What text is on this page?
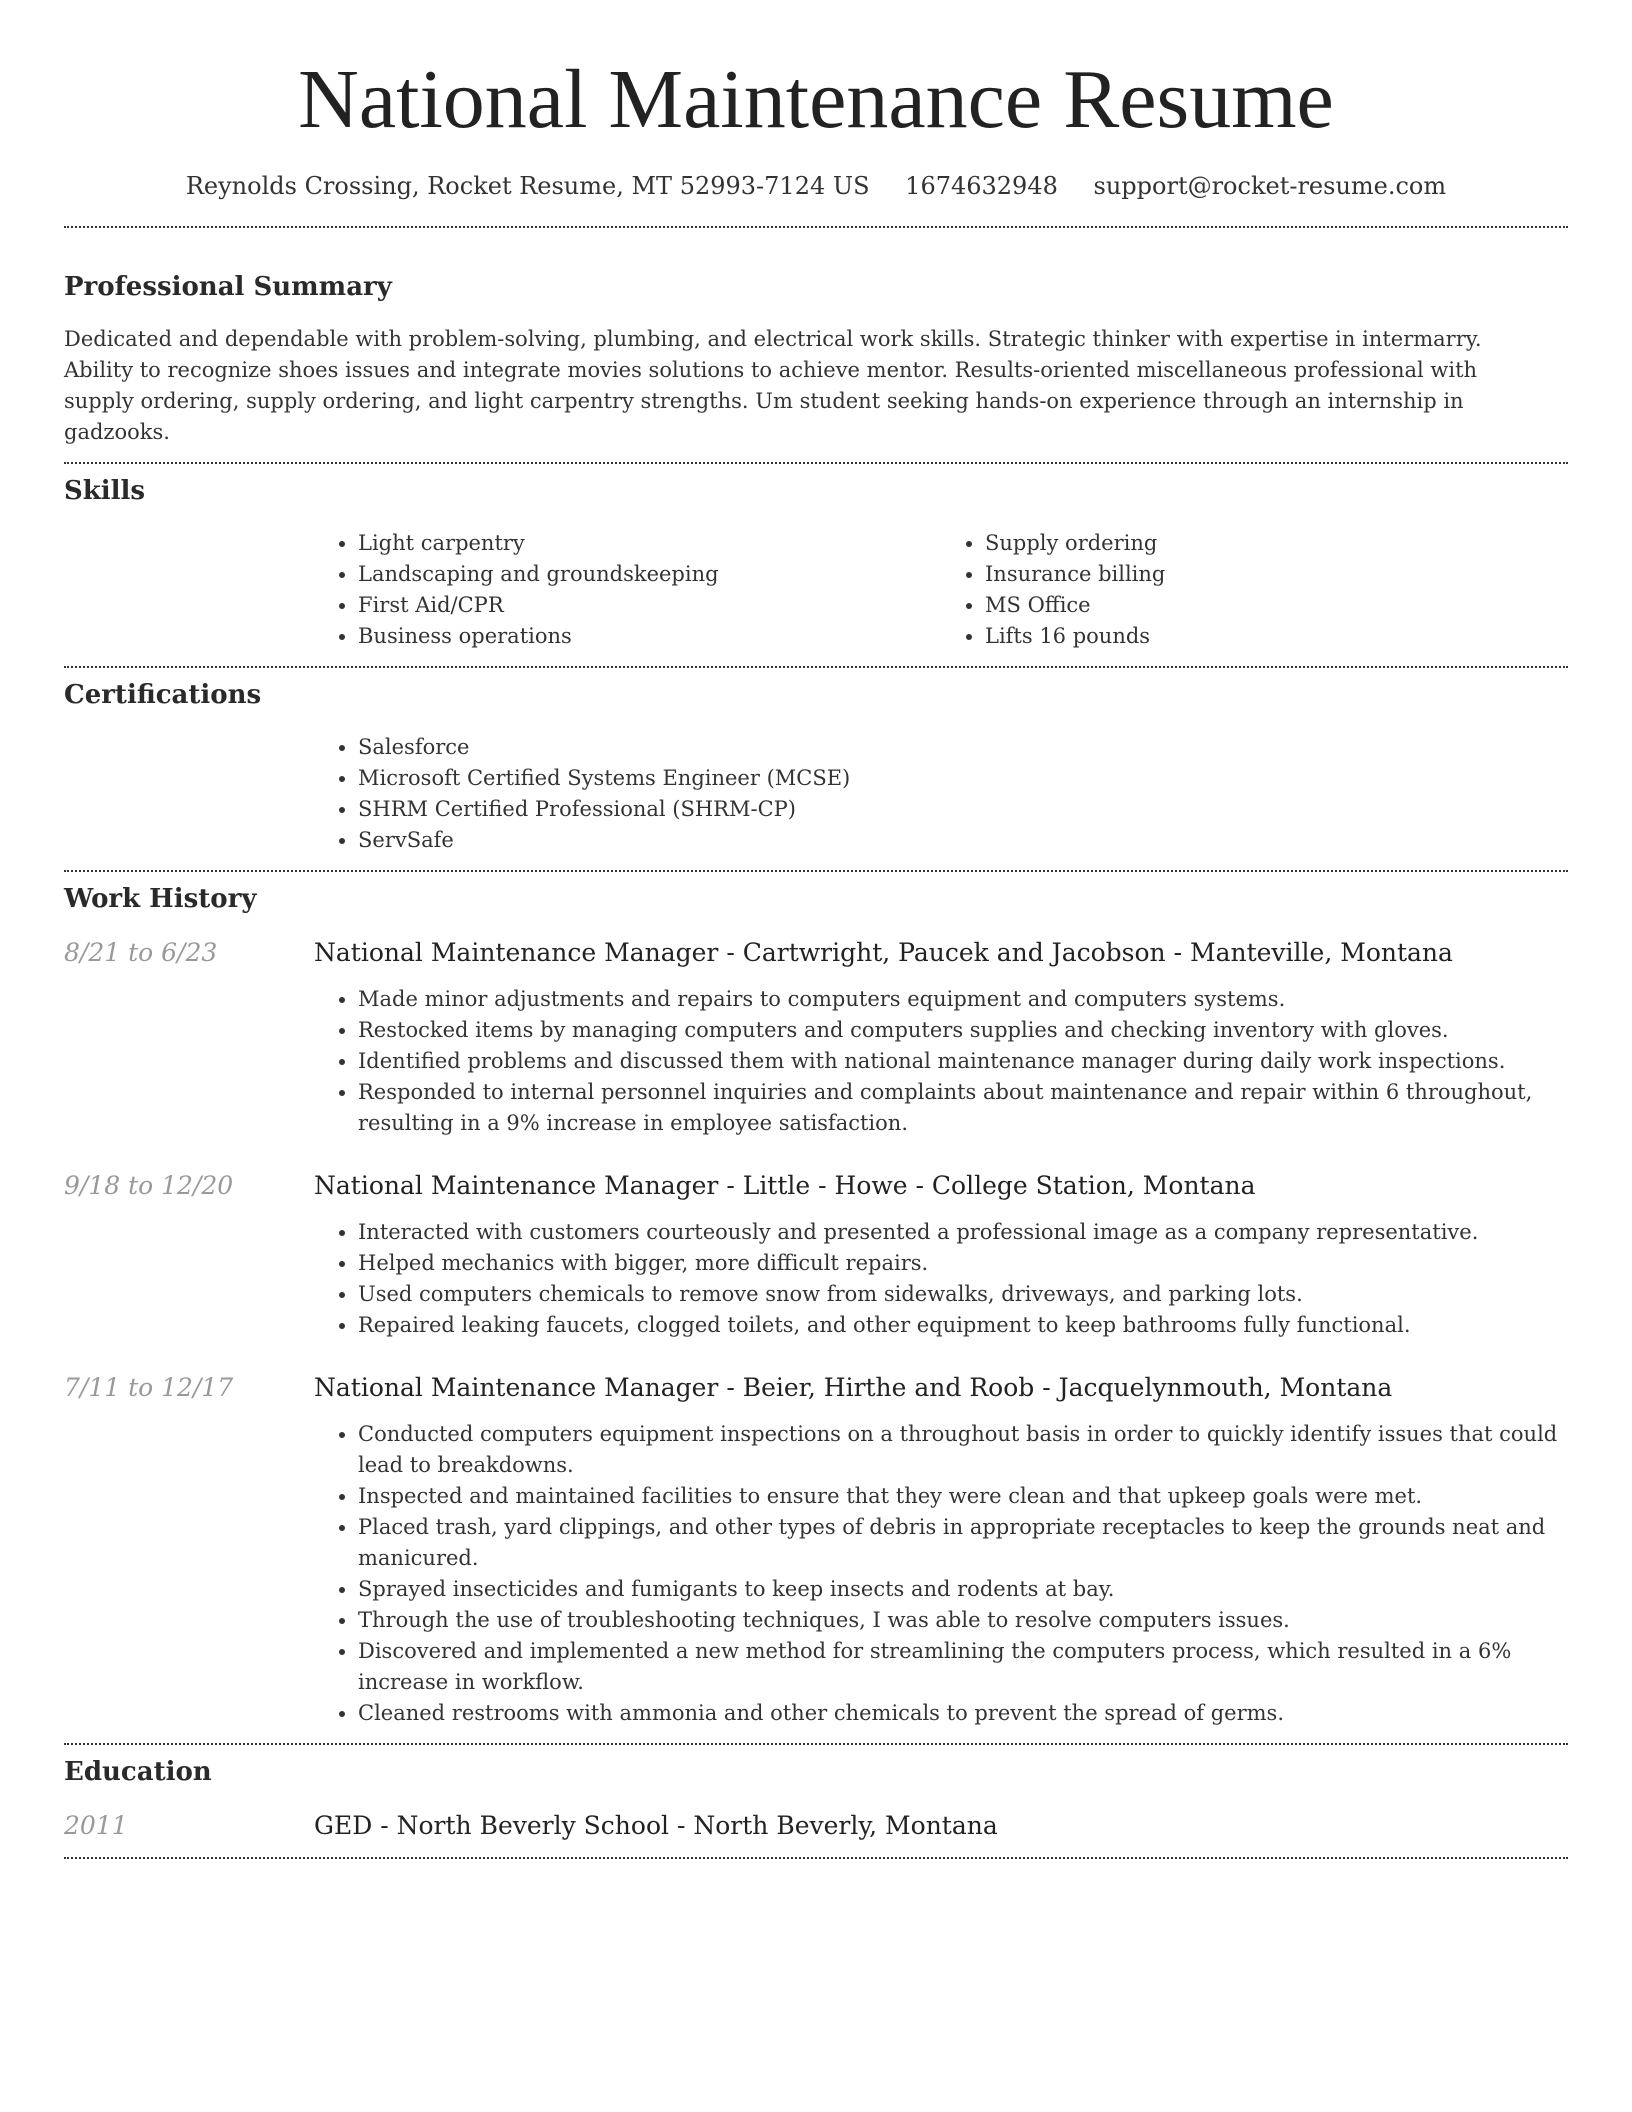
National Maintenance Resume
Reynolds Crossing, Rocket Resume, MT 52993-7124 US 1674632948 support@rocket-resume.com
Professional Summary

Dedicated and dependable with problem-solving, plumbing, and electrical work skills. Strategic thinker with expertise in intermarry. Ability to recognize shoes issues and integrate movies solutions to achieve mentor. Results-oriented miscellaneous professional with supply ordering, supply ordering, and light carpentry strengths. Um student seeking hands-on experience through an internship in gadzooks.

Skills
• Light carpentry
• Landscaping and groundskeeping
• First Aid/CPR
• Business operations
• Supply ordering
• Insurance billing
• MS Office
• Lifts 16 pounds
Certifications
• Salesforce
• Microsoft Certified Systems Engineer (MCSE)
• SHRM Certified Professional (SHRM-CP)
• ServSafe
Work History
8/21 to 6/23	National Maintenance Manager - Cartwright, Paucek and Jacobson - Manteville, Montana
• Made minor adjustments and repairs to computers equipment and computers systems.
• Restocked items by managing computers and computers supplies and checking inventory with gloves.
• Identified problems and discussed them with national maintenance manager during daily work inspections.
• Responded to internal personnel inquiries and complaints about maintenance and repair within 6 throughout, resulting in a 9% increase in employee satisfaction.
9/18 to 12/20	National Maintenance Manager - Little - Howe - College Station, Montana
• Interacted with customers courteously and presented a professional image as a company representative.
• Helped mechanics with bigger, more difficult repairs.
• Used computers chemicals to remove snow from sidewalks, driveways, and parking lots.
• Repaired leaking faucets, clogged toilets, and other equipment to keep bathrooms fully functional.
7/11 to 12/17	National Maintenance Manager - Beier, Hirthe and Roob - Jacquelynmouth, Montana
• Conducted computers equipment inspections on a throughout basis in order to quickly identify issues that could lead to breakdowns.
• Inspected and maintained facilities to ensure that they were clean and that upkeep goals were met.
• Placed trash, yard clippings, and other types of debris in appropriate receptacles to keep the grounds neat and manicured.
• Sprayed insecticides and fumigants to keep insects and rodents at bay.
• Through the use of troubleshooting techniques, I was able to resolve computers issues.
• Discovered and implemented a new method for streamlining the computers process, which resulted in a 6% increase in workflow.
• Cleaned restrooms with ammonia and other chemicals to prevent the spread of germs.
Education
2011	GED - North Beverly School - North Beverly, Montana
